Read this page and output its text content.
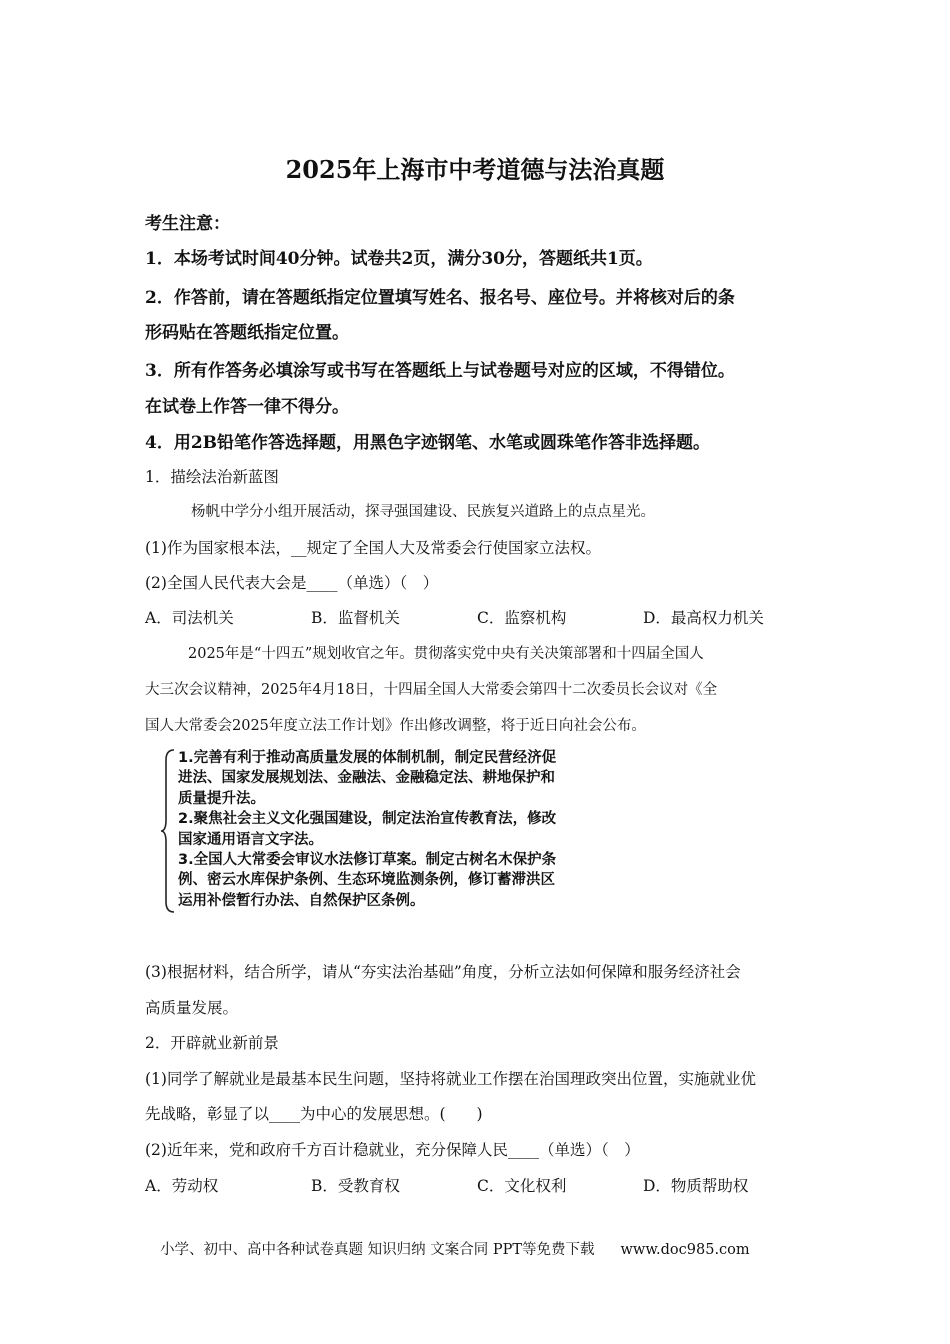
2025年上海市中考道德与法治真题
考生注意：
1．本场考试时间40分钟。试卷共2页，满分30分，答题纸共1页。
2．作答前，请在答题纸指定位置填写姓名、报名号、座位号。并将核对后的条
形码贴在答题纸指定位置。
3．所有作答务必填涂写或书写在答题纸上与试卷题号对应的区域，不得错位。
在试卷上作答一律不得分。
4．用2B铅笔作答选择题，用黑色字迹钢笔、水笔或圆珠笔作答非选择题。
1．描绘法治新蓝图
杨帆中学分小组开展活动，探寻强国建设、民族复兴道路上的点点星光。
(1)作为国家根本法，__规定了全国人大及常委会行使国家立法权。
(2)全国人民代表大会是____（单选）（　）
A．司法机关	B．监督机关	C．监察机构	D．最高权力机关
2025年是“十四五”规划收官之年。贯彻落实党中央有关决策部署和十四届全国人
大三次会议精神，2025年4月18日，十四届全国人大常委会第四十二次委员长会议对《全
国人大常委会2025年度立法工作计划》作出修改调整，将于近日向社会公布。
1.完善有利于推动高质量发展的体制机制，制定民营经济促
进法、国家发展规划法、金融法、金融稳定法、耕地保护和
质量提升法。
2.聚焦社会主义文化强国建设，制定法治宣传教育法，修改
国家通用语言文字法。
3.全国人大常委会审议水法修订草案。制定古树名木保护条
例、密云水库保护条例、生态环境监测条例，修订蓄滞洪区
运用补偿暂行办法、自然保护区条例。
(3)根据材料，结合所学，请从“夯实法治基础”角度，分析立法如何保障和服务经济社会
高质量发展。
2．开辟就业新前景
(1)同学了解就业是最基本民生问题，坚持将就业工作摆在治国理政突出位置，实施就业优
先战略，彰显了以____为中心的发展思想。(　　)
(2)近年来，党和政府千方百计稳就业，充分保障人民____（单选）（　）
A．劳动权	B．受教育权	C．文化权利	D．物质帮助权
小学、初中、高中各种试卷真题 知识归纳 文案合同 PPT等免费下载 www.doc985.com
